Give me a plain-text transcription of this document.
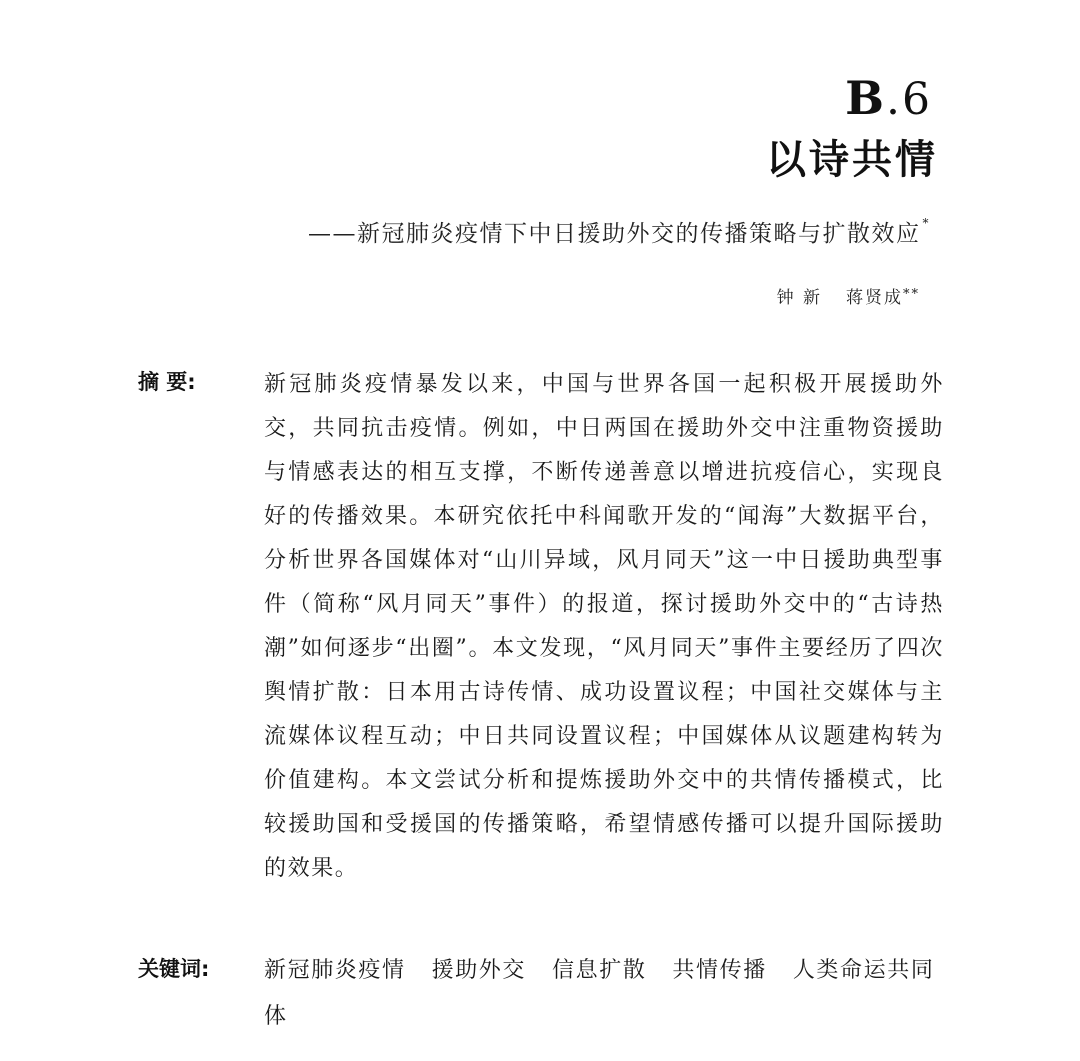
B.6
以诗共情
——新冠肺炎疫情下中日援助外交的传播策略与扩散效应 *
钟 新 蒋贤成**
摘 要:	新冠肺炎疫情暴发以来，中国与世界各国一起积极开展援助外交，共同抗击疫情。例如，中日两国在援助外交中注重物资援助与情感表达的相互支撑，不断传递善意以增进抗疫信心，实现良好的传播效果。本研究依托中科闻歌开发的“闻海”大数据平台，分析世界各国媒体对“山川异域，风月同天”这一中日援助典型事件（简称“风月同天”事件）的报道，探讨援助外交中的“古诗热潮”如何逐步“出圈”。本文发现，“风月同天”事件主要经历了四次舆情扩散：日本用古诗传情、成功设置议程；中国社交媒体与主流媒体议程互动；中日共同设置议程；中国媒体从议题建构转为价值建构。本文尝试分析和提炼援助外交中的共情传播模式，比较援助国和受援国的传播策略，希望情感传播可以提升国际援助的效果。
关键词: 新冠肺炎疫情 援助外交 信息扩散 共情传播 人类命运共同体
